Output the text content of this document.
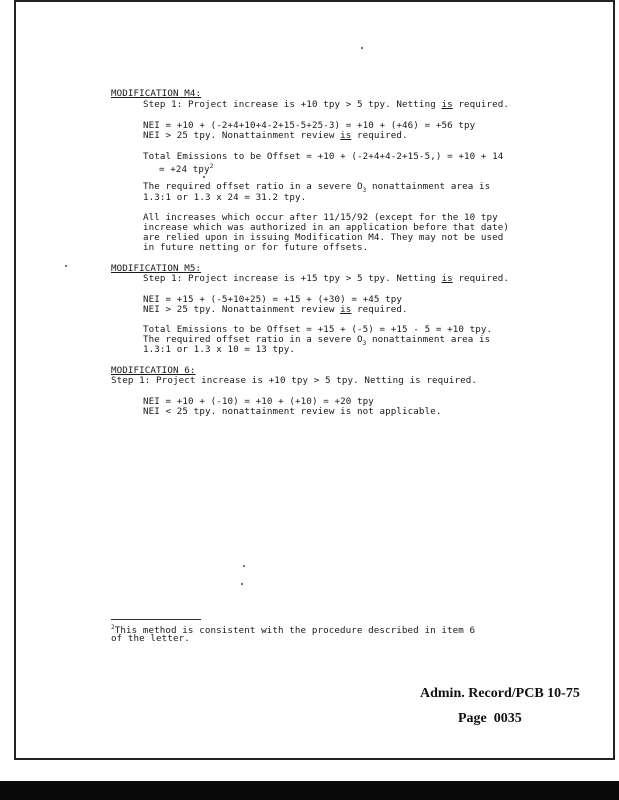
MODIFICATION M4:
Step 1: Project increase is +10 tpy > 5 tpy. Netting is required.
NEI = +10 + (-2+4+10+4-2+15-5+25-3) = +10 + (+46) = +56 tpy
NEI > 25 tpy. Nonattainment review is required.
Total Emissions to be Offset = +10 + (-2+4+4-2+15-5,) = +10 + 14
= +24 tpy$^2$
The required offset ratio in a severe $O_3$ nonattainment area is
1.3:1 or 1.3 x 24 = 31.2 tpy.
All increases which occur after 11/15/92 (except for the 10 tpy
increase which was authorized in an application before that date)
are relied upon in issuing Modification M4. They may not be used
in future netting or for future offsets.
MODIFICATION M5:
Step 1: Project increase is +15 tpy > 5 tpy. Netting is required.
NEI = +15 + (-5+10+25) = +15 + (+30) = +45 tpy
NEI > 25 tpy. Nonattainment review is required.
Total Emissions to be Offset = +15 + (-5) = +15 - 5 = +10 tpy.
The required offset ratio in a severe $O_3$ nonattainment area is
1.3:1 or 1.3 x 10 = 13 tpy.
MODIFICATION 6:
Step 1: Project increase is +10 tpy > 5 tpy. Netting is required.
NEI = +10 + (-10) = +10 + (+10) = +20 tpy
NEI < 25 tpy. nonattainment review is not applicable.
$^2$This method is consistent with the procedure described in item 6
of the letter.
Admin. Record/PCB 10-75
Page  0035
